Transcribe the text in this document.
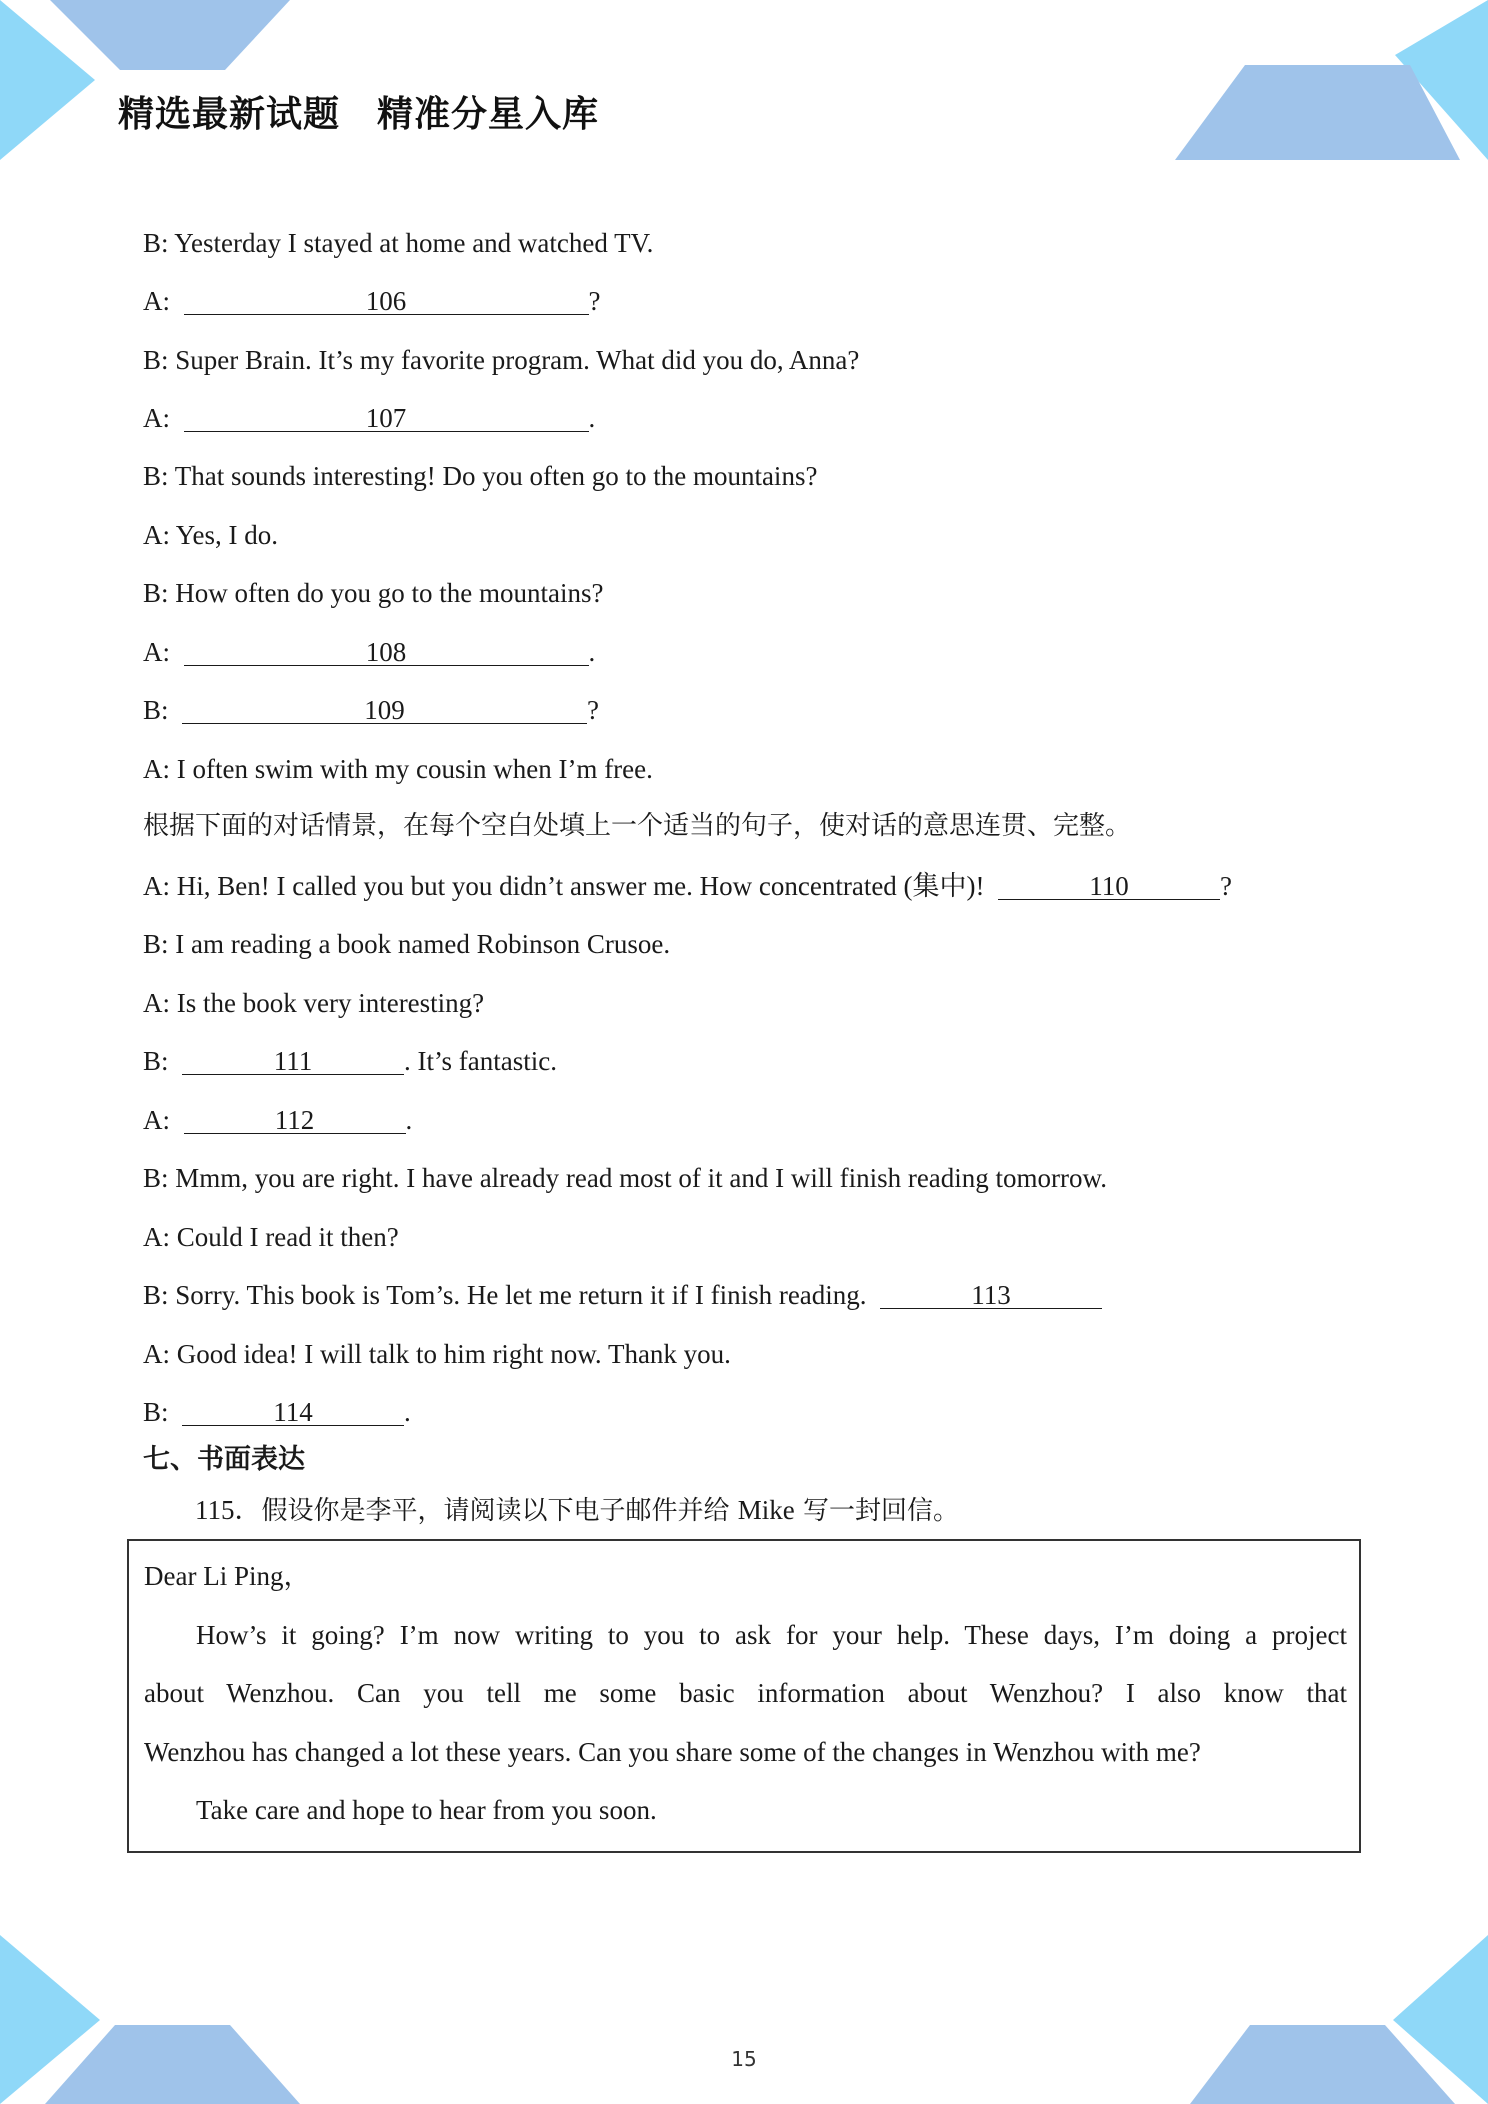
精选最新试题　精准分星入库
B: Yesterday I stayed at home and watched TV.
A:	106	?
B: Super Brain. It’s my favorite program. What did you do, Anna?
A:	107	.
B: That sounds interesting! Do you often go to the mountains?
A: Yes, I do.
B: How often do you go to the mountains?
A:	108	.
B:	109	?
A: I often swim with my cousin when I’m free.
根据下面的对话情景，在每个空白处填上一个适当的句子，使对话的意思连贯、完整。
A: Hi, Ben! I called you but you didn’t answer me. How concentrated (集中)!	110	?
B: I am reading a book named Robinson Crusoe.
A: Is the book very interesting?
B:	111	. It’s fantastic.
A:	112	.
B: Mmm, you are right. I have already read most of it and I will finish reading tomorrow.
A: Could I read it then?
B: Sorry. This book is Tom’s. He let me return it if I finish reading.	113
A: Good idea! I will talk to him right now. Thank you.
B:	114	.
七、书面表达
115．假设你是李平，请阅读以下电子邮件并给 Mike 写一封回信。
Dear Li Ping，
How’s it going? I’m now writing to you to ask for your help. These days, I’m doing a project
about Wenzhou. Can you tell me some basic information about Wenzhou? I also know that
Wenzhou has changed a lot these years. Can you share some of the changes in Wenzhou with me?
Take care and hope to hear from you soon.
15
